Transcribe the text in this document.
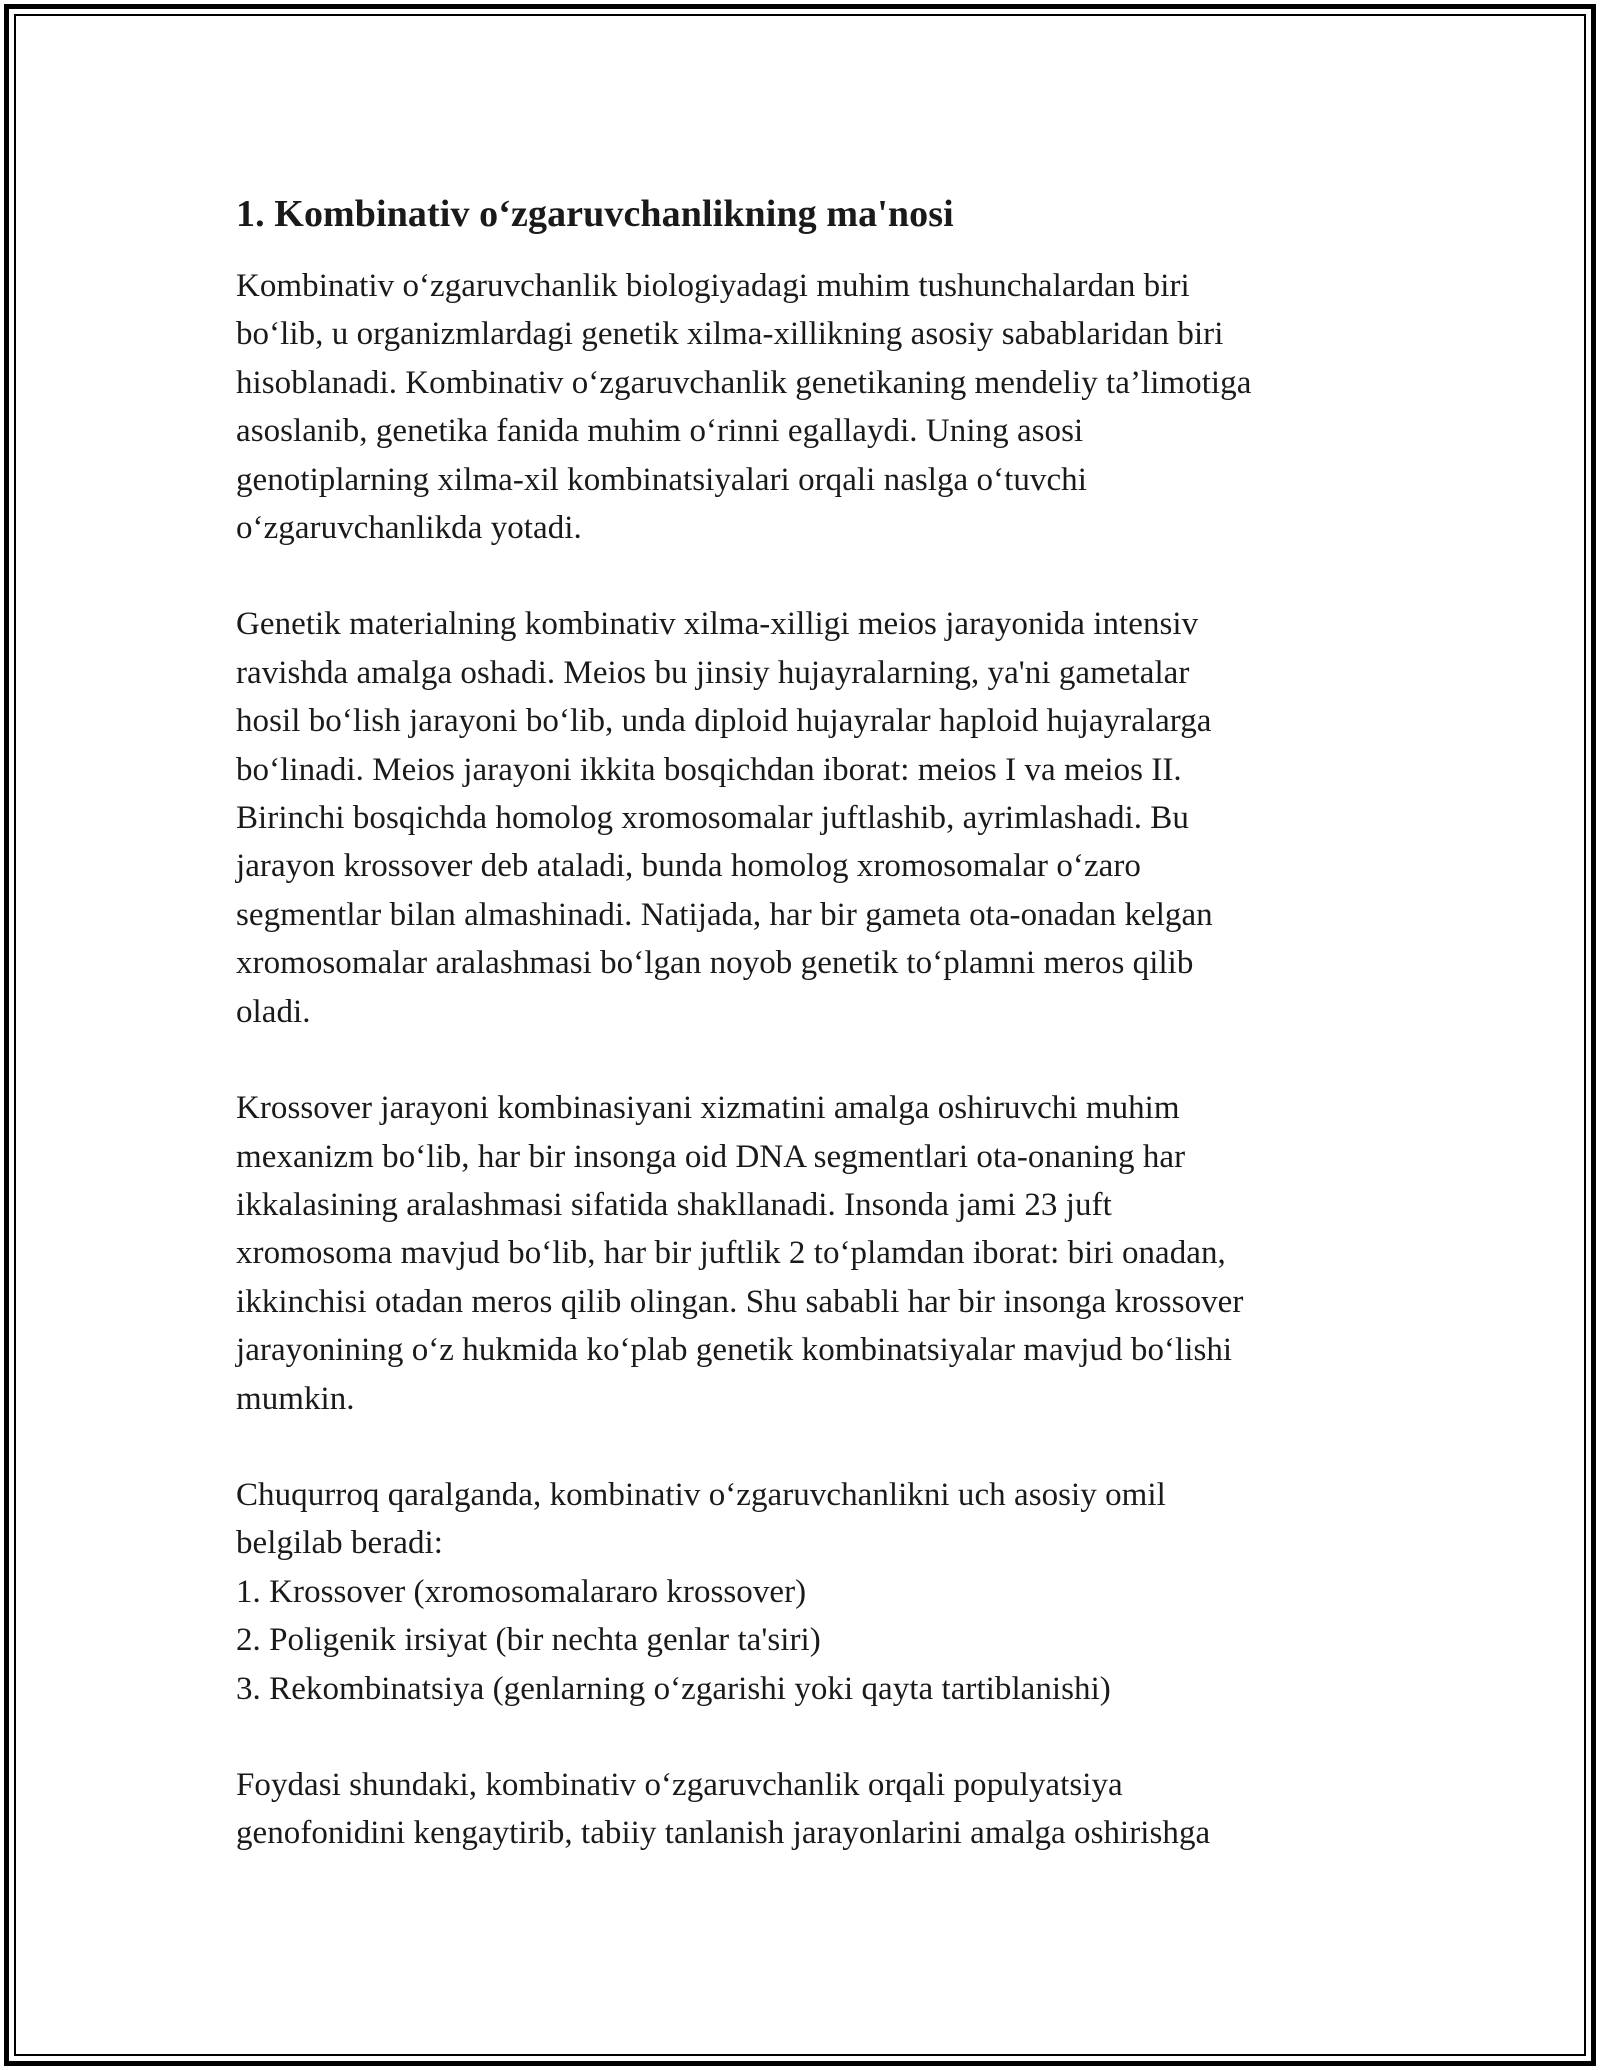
1. Kombinativ o‘zgaruvchanlikning ma'nosi

Kombinativ o‘zgaruvchanlik biologiyadagi muhim tushunchalardan biri
bo‘lib, u organizmlardagi genetik xilma-xillikning asosiy sabablaridan biri
hisoblanadi. Kombinativ o‘zgaruvchanlik genetikaning mendeliy ta’limotiga
asoslanib, genetika fanida muhim o‘rinni egallaydi. Uning asosi
genotiplarning xilma-xil kombinatsiyalari orqali naslga o‘tuvchi
o‘zgaruvchanlikda yotadi.

Genetik materialning kombinativ xilma-xilligi meios jarayonida intensiv
ravishda amalga oshadi. Meios bu jinsiy hujayralarning, ya'ni gametalar
hosil bo‘lish jarayoni bo‘lib, unda diploid hujayralar haploid hujayralarga
bo‘linadi. Meios jarayoni ikkita bosqichdan iborat: meios I va meios II.
Birinchi bosqichda homolog xromosomalar juftlashib, ayrimlashadi. Bu
jarayon krossover deb ataladi, bunda homolog xromosomalar o‘zaro
segmentlar bilan almashinadi. Natijada, har bir gameta ota-onadan kelgan
xromosomalar aralashmasi bo‘lgan noyob genetik to‘plamni meros qilib
oladi.

Krossover jarayoni kombinasiyani xizmatini amalga oshiruvchi muhim
mexanizm bo‘lib, har bir insonga oid DNA segmentlari ota-onaning har
ikkalasining aralashmasi sifatida shakllanadi. Insonda jami 23 juft
xromosoma mavjud bo‘lib, har bir juftlik 2 to‘plamdan iborat: biri onadan,
ikkinchisi otadan meros qilib olingan. Shu sababli har bir insonga krossover
jarayonining o‘z hukmida ko‘plab genetik kombinatsiyalar mavjud bo‘lishi
mumkin.

Chuqurroq qaralganda, kombinativ o‘zgaruvchanlikni uch asosiy omil
belgilab beradi:
1. Krossover (xromosomalararo krossover)
2. Poligenik irsiyat (bir nechta genlar ta'siri)
3. Rekombinatsiya (genlarning o‘zgarishi yoki qayta tartiblanishi)

Foydasi shundaki, kombinativ o‘zgaruvchanlik orqali populyatsiya
genofonidini kengaytirib, tabiiy tanlanish jarayonlarini amalga oshirishga
